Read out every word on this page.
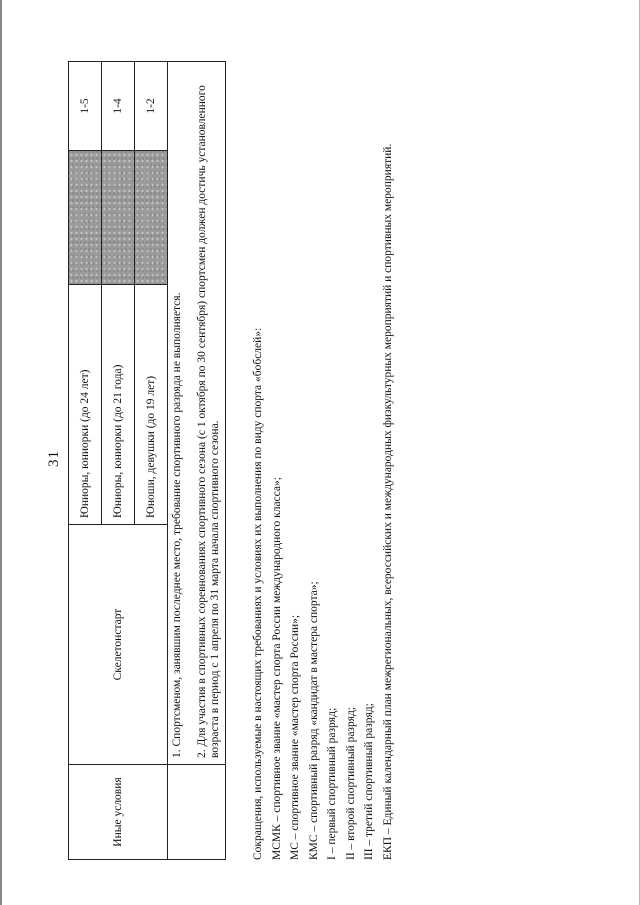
31
Иные условия	Скелетонстарт	Юниоры, юниорки (до 24 лет)		1-5
		Юниоры, юниорки (до 21 года)		1-4
		Юноши, девушки (до 19 лет)		1-2

	1. Спортсменом, занявшим последнее место, требование спортивного разряда не выполняется. 2. Для участия в спортивных соревнованиях спортивного сезона (с 1 октября по 30 сентября) спортсмен должен достичь установленного возраста в период с 1 апреля по 31 марта начала спортивного сезона.				Сокращения, используемые в настоящих требованиях и условиях их выполнения по виду спорта «бобслей»: МСМК – спортивное звание «мастер спорта России международного класса»; МС – спортивное звание «мастер спорта России»; КМС – спортивный разряд «кандидат в мастера спорта»; I – первый спортивный разряд; II – второй спортивный разряд; III – третий спортивный разряд; ЕКП – Единый календарный план межрегиональных, всероссийских и международных физкультурных мероприятий и спортивных мероприятий.
